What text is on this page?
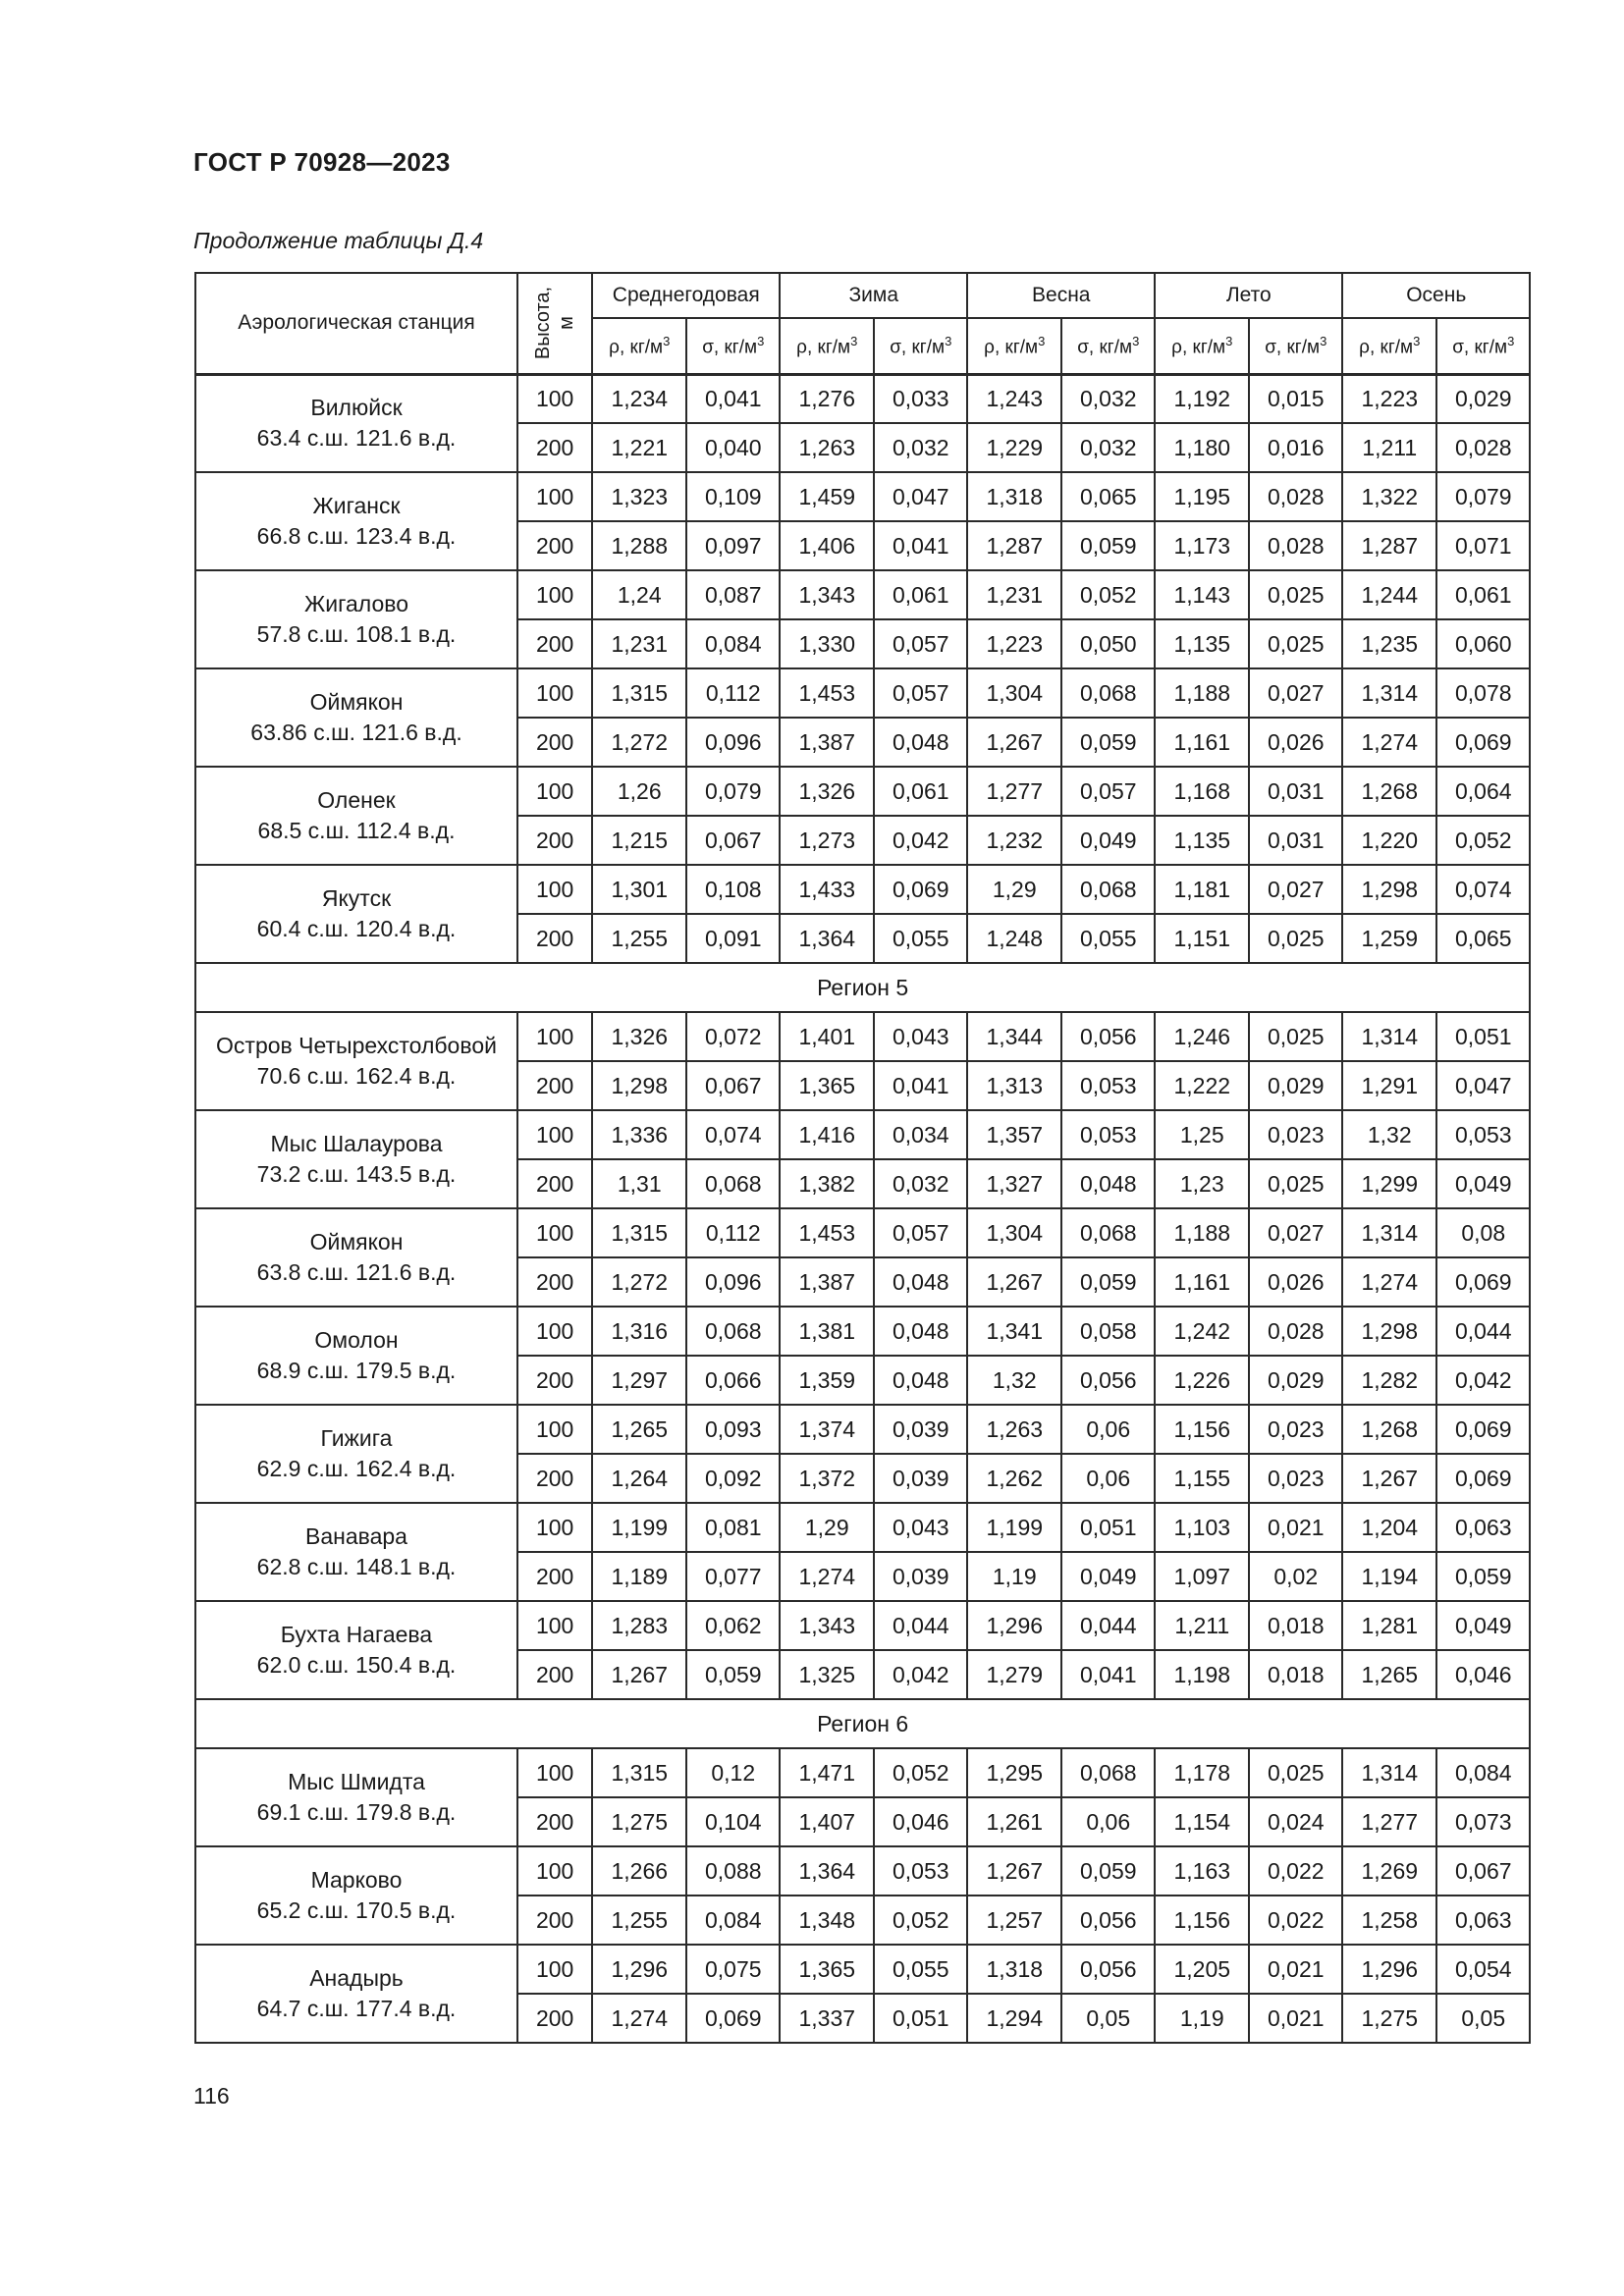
ГОСТ Р 70928—2023
Продолжение таблицы Д.4
Аэрологическая станция	Высота, м	Среднегодовая		Зима		Весна		Лето		Осень	
		ρ, $кг/м^3$	σ, $кг/м^3$	ρ, $кг/м^3$	σ, $кг/м^3$	ρ, $кг/м^3$	σ, $кг/м^3$	ρ, $кг/м^3$	σ, $кг/м^3$	ρ, $кг/м^3$	σ, $кг/м^3$

Вилюйск
63.4 с.ш. 121.6 в.д.	100	1,234	0,041	1,276	0,033	1,243	0,032	1,192	0,015	1,223	0,029
	200	1,221	0,040	1,263	0,032	1,229	0,032	1,180	0,016	1,211	0,028

Жиганск
66.8 с.ш. 123.4 в.д.	100	1,323	0,109	1,459	0,047	1,318	0,065	1,195	0,028	1,322	0,079
	200	1,288	0,097	1,406	0,041	1,287	0,059	1,173	0,028	1,287	0,071

Жигалово
57.8 с.ш. 108.1 в.д.	100	1,24	0,087	1,343	0,061	1,231	0,052	1,143	0,025	1,244	0,061
	200	1,231	0,084	1,330	0,057	1,223	0,050	1,135	0,025	1,235	0,060

Оймякон
63.86 с.ш. 121.6 в.д.	100	1,315	0,112	1,453	0,057	1,304	0,068	1,188	0,027	1,314	0,078
	200	1,272	0,096	1,387	0,048	1,267	0,059	1,161	0,026	1,274	0,069

Оленек
68.5 с.ш. 112.4 в.д.	100	1,26	0,079	1,326	0,061	1,277	0,057	1,168	0,031	1,268	0,064
	200	1,215	0,067	1,273	0,042	1,232	0,049	1,135	0,031	1,220	0,052

Якутск
60.4 с.ш. 120.4 в.д.	100	1,301	0,108	1,433	0,069	1,29	0,068	1,181	0,027	1,298	0,074
	200	1,255	0,091	1,364	0,055	1,248	0,055	1,151	0,025	1,259	0,065
Регион 5											

Остров Четырехстолбовой
70.6 с.ш. 162.4 в.д.	100	1,326	0,072	1,401	0,043	1,344	0,056	1,246	0,025	1,314	0,051
	200	1,298	0,067	1,365	0,041	1,313	0,053	1,222	0,029	1,291	0,047

Мыс Шалаурова
73.2 с.ш. 143.5 в.д.	100	1,336	0,074	1,416	0,034	1,357	0,053	1,25	0,023	1,32	0,053
	200	1,31	0,068	1,382	0,032	1,327	0,048	1,23	0,025	1,299	0,049

Оймякон
63.8 с.ш. 121.6 в.д.	100	1,315	0,112	1,453	0,057	1,304	0,068	1,188	0,027	1,314	0,08
	200	1,272	0,096	1,387	0,048	1,267	0,059	1,161	0,026	1,274	0,069

Омолон
68.9 с.ш. 179.5 в.д.	100	1,316	0,068	1,381	0,048	1,341	0,058	1,242	0,028	1,298	0,044
	200	1,297	0,066	1,359	0,048	1,32	0,056	1,226	0,029	1,282	0,042

Гижига
62.9 с.ш. 162.4 в.д.	100	1,265	0,093	1,374	0,039	1,263	0,06	1,156	0,023	1,268	0,069
	200	1,264	0,092	1,372	0,039	1,262	0,06	1,155	0,023	1,267	0,069

Ванавара
62.8 с.ш. 148.1 в.д.	100	1,199	0,081	1,29	0,043	1,199	0,051	1,103	0,021	1,204	0,063
	200	1,189	0,077	1,274	0,039	1,19	0,049	1,097	0,02	1,194	0,059

Бухта Нагаева
62.0 с.ш. 150.4 в.д.	100	1,283	0,062	1,343	0,044	1,296	0,044	1,211	0,018	1,281	0,049
	200	1,267	0,059	1,325	0,042	1,279	0,041	1,198	0,018	1,265	0,046
Регион 6											

Мыс Шмидта
69.1 с.ш. 179.8 в.д.	100	1,315	0,12	1,471	0,052	1,295	0,068	1,178	0,025	1,314	0,084
	200	1,275	0,104	1,407	0,046	1,261	0,06	1,154	0,024	1,277	0,073

Марково
65.2 с.ш. 170.5 в.д.	100	1,266	0,088	1,364	0,053	1,267	0,059	1,163	0,022	1,269	0,067
	200	1,255	0,084	1,348	0,052	1,257	0,056	1,156	0,022	1,258	0,063

Анадырь
64.7 с.ш. 177.4 в.д.	100	1,296	0,075	1,365	0,055	1,318	0,056	1,205	0,021	1,296	0,054
	200	1,274	0,069	1,337	0,051	1,294	0,05	1,19	0,021	1,275	0,05
116
